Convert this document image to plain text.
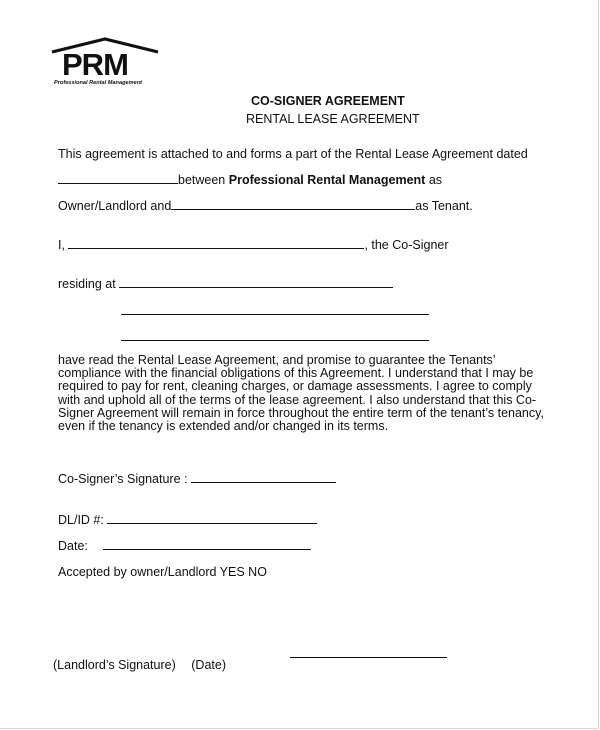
PRM
Professional Rental Management
CO-SIGNER AGREEMENT
RENTAL LEASE AGREEMENT
This agreement is attached to and forms a part of the Rental Lease Agreement dated
between Professional Rental Management as
Owner/Landlord and	as Tenant.
I,	, the Co-Signer
residing at
have read the Rental Lease Agreement, and promise to guarantee the Tenants’ compliance with the financial obligations of this Agreement. I understand that I may be required to pay for rent, cleaning charges, or damage assessments. I agree to comply with and uphold all of the terms of the lease agreement. I also understand that this Co-Signer Agreement will remain in force throughout the entire term of the tenant’s tenancy, even if the tenancy is extended and/or changed in its terms.
Co-Signer’s Signature :
DL/ID #:
Date:
Accepted by owner/Landlord YES NO
(Landlord’s Signature) (Date)
